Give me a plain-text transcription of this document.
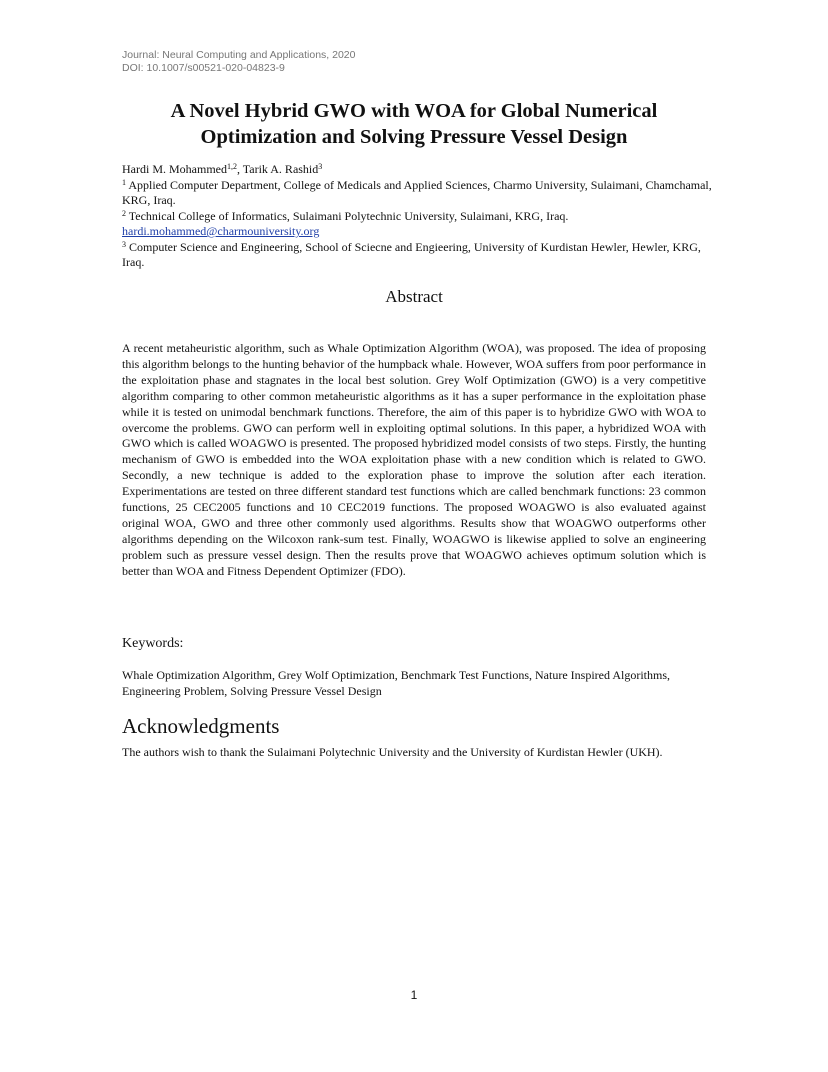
Journal: Neural Computing and Applications, 2020
DOI: 10.1007/s00521-020-04823-9
A Novel Hybrid GWO with WOA for Global Numerical
Optimization and Solving Pressure Vessel Design
Hardi M. Mohammed$^{1,2}$, Tarik A. Rashid$^3$
$^1$ Applied Computer Department, College of Medicals and Applied Sciences, Charmo University, Sulaimani, Chamchamal, KRG, Iraq.
$^2$ Technical College of Informatics, Sulaimani Polytechnic University, Sulaimani, KRG, Iraq.
hardi.mohammed@charmouniversity.org
$^3$ Computer Science and Engineering, School of Sciecne and Engieering, University of Kurdistan Hewler, Hewler, KRG, Iraq.
Abstract
A recent metaheuristic algorithm, such as Whale Optimization Algorithm (WOA), was proposed. The idea of proposing this algorithm belongs to the hunting behavior of the humpback whale. However, WOA suffers from poor performance in the exploitation phase and stagnates in the local best solution. Grey Wolf Optimization (GWO) is a very competitive algorithm comparing to other common metaheuristic algorithms as it has a super performance in the exploitation phase while it is tested on unimodal benchmark functions. Therefore, the aim of this paper is to hybridize GWO with WOA to overcome the problems. GWO can perform well in exploiting optimal solutions. In this paper, a hybridized WOA with GWO which is called WOAGWO is presented. The proposed hybridized model consists of two steps. Firstly, the hunting mechanism of GWO is embedded into the WOA exploitation phase with a new condition which is related to GWO. Secondly, a new technique is added to the exploration phase to improve the solution after each iteration. Experimentations are tested on three different standard test functions which are called benchmark functions: 23 common functions, 25 CEC2005 functions and 10 CEC2019 functions. The proposed WOAGWO is also evaluated against original WOA, GWO and three other commonly used algorithms. Results show that WOAGWO outperforms other algorithms depending on the Wilcoxon rank-sum test. Finally, WOAGWO is likewise applied to solve an engineering problem such as pressure vessel design. Then the results prove that WOAGWO achieves optimum solution which is better than WOA and Fitness Dependent Optimizer (FDO).
Keywords:
Whale Optimization Algorithm, Grey Wolf Optimization, Benchmark Test Functions, Nature Inspired Algorithms, Engineering Problem, Solving Pressure Vessel Design
Acknowledgments
The authors wish to thank the Sulaimani Polytechnic University and the University of Kurdistan Hewler (UKH).
1
